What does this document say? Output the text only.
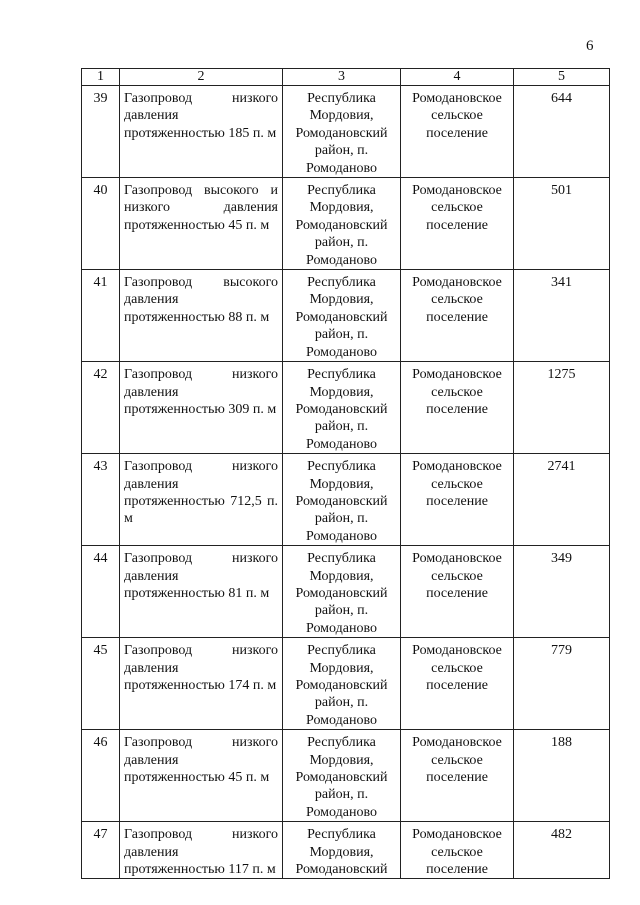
6
1	2	3	4	5
39	Газопровод низкого давления протяженностью 185 п. м	Республика Мордовия, Ромодановский район, п. Ромоданово	Ромодановское сельское поселение	644
40	Газопровод высокого и низкого давления протяженностью 45 п. м	Республика Мордовия, Ромодановский район, п. Ромоданово	Ромодановское сельское поселение	501
41	Газопровод высокого давления протяженностью 88 п. м	Республика Мордовия, Ромодановский район, п. Ромоданово	Ромодановское сельское поселение	341
42	Газопровод низкого давления протяженностью 309 п. м	Республика Мордовия, Ромодановский район, п. Ромоданово	Ромодановское сельское поселение	1275
43	Газопровод низкого давления протяженностью 712,5 п. м	Республика Мордовия, Ромодановский район, п. Ромоданово	Ромодановское сельское поселение	2741
44	Газопровод низкого давления протяженностью 81 п. м	Республика Мордовия, Ромодановский район, п. Ромоданово	Ромодановское сельское поселение	349
45	Газопровод низкого давления протяженностью 174 п. м	Республика Мордовия, Ромодановский район, п. Ромоданово	Ромодановское сельское поселение	779
46	Газопровод низкого давления протяженностью 45 п. м	Республика Мордовия, Ромодановский район, п. Ромоданово	Ромодановское сельское поселение	188
47	Газопровод низкого давления протяженностью 117 п. м	Республика Мордовия, Ромодановский	Ромодановское сельское поселение	482
